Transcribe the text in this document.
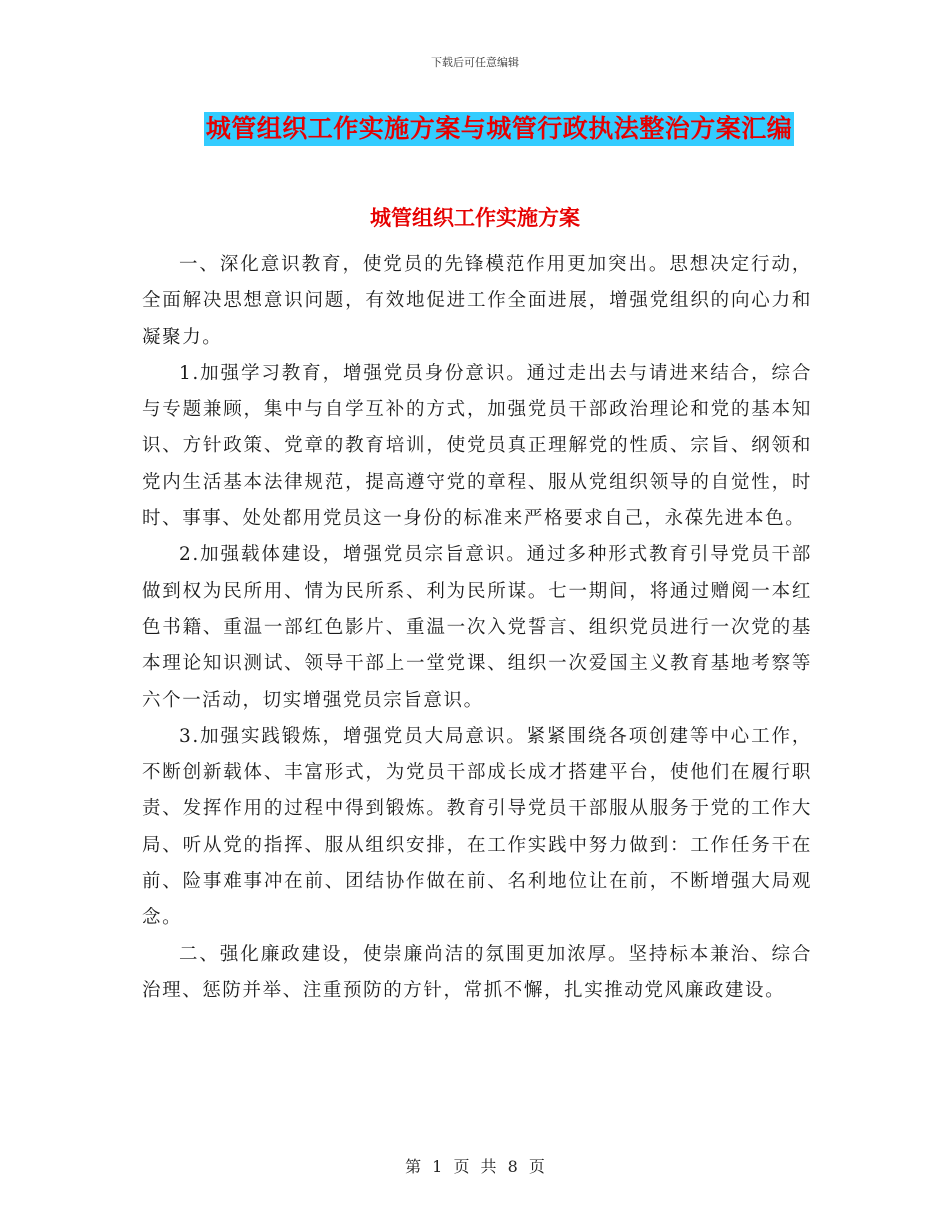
下载后可任意编辑
城管组织工作实施方案与城管行政执法整治方案汇编
城管组织工作实施方案

一、深化意识教育，使党员的先锋模范作用更加突出。思想决定行动，全面解决思想意识问题，有效地促进工作全面进展，增强党组织的向心力和凝聚力。

1.加强学习教育，增强党员身份意识。通过走出去与请进来结合，综合与专题兼顾，集中与自学互补的方式，加强党员干部政治理论和党的基本知识、方针政策、党章的教育培训，使党员真正理解党的性质、宗旨、纲领和党内生活基本法律规范，提高遵守党的章程、服从党组织领导的自觉性，时时、事事、处处都用党员这一身份的标准来严格要求自己，永葆先进本色。

2.加强载体建设，增强党员宗旨意识。通过多种形式教育引导党员干部做到权为民所用、情为民所系、利为民所谋。七一期间，将通过赠阅一本红色书籍、重温一部红色影片、重温一次入党誓言、组织党员进行一次党的基本理论知识测试、领导干部上一堂党课、组织一次爱国主义教育基地考察等六个一活动，切实增强党员宗旨意识。

3.加强实践锻炼，增强党员大局意识。紧紧围绕各项创建等中心工作，不断创新载体、丰富形式，为党员干部成长成才搭建平台，使他们在履行职责、发挥作用的过程中得到锻炼。教育引导党员干部服从服务于党的工作大局、听从党的指挥、服从组织安排，在工作实践中努力做到：工作任务干在前、险事难事冲在前、团结协作做在前、名利地位让在前，不断增强大局观念。

二、强化廉政建设，使崇廉尚洁的氛围更加浓厚。坚持标本兼治、综合治理、惩防并举、注重预防的方针，常抓不懈，扎实推动党风廉政建设。

第 1 页 共 8 页
